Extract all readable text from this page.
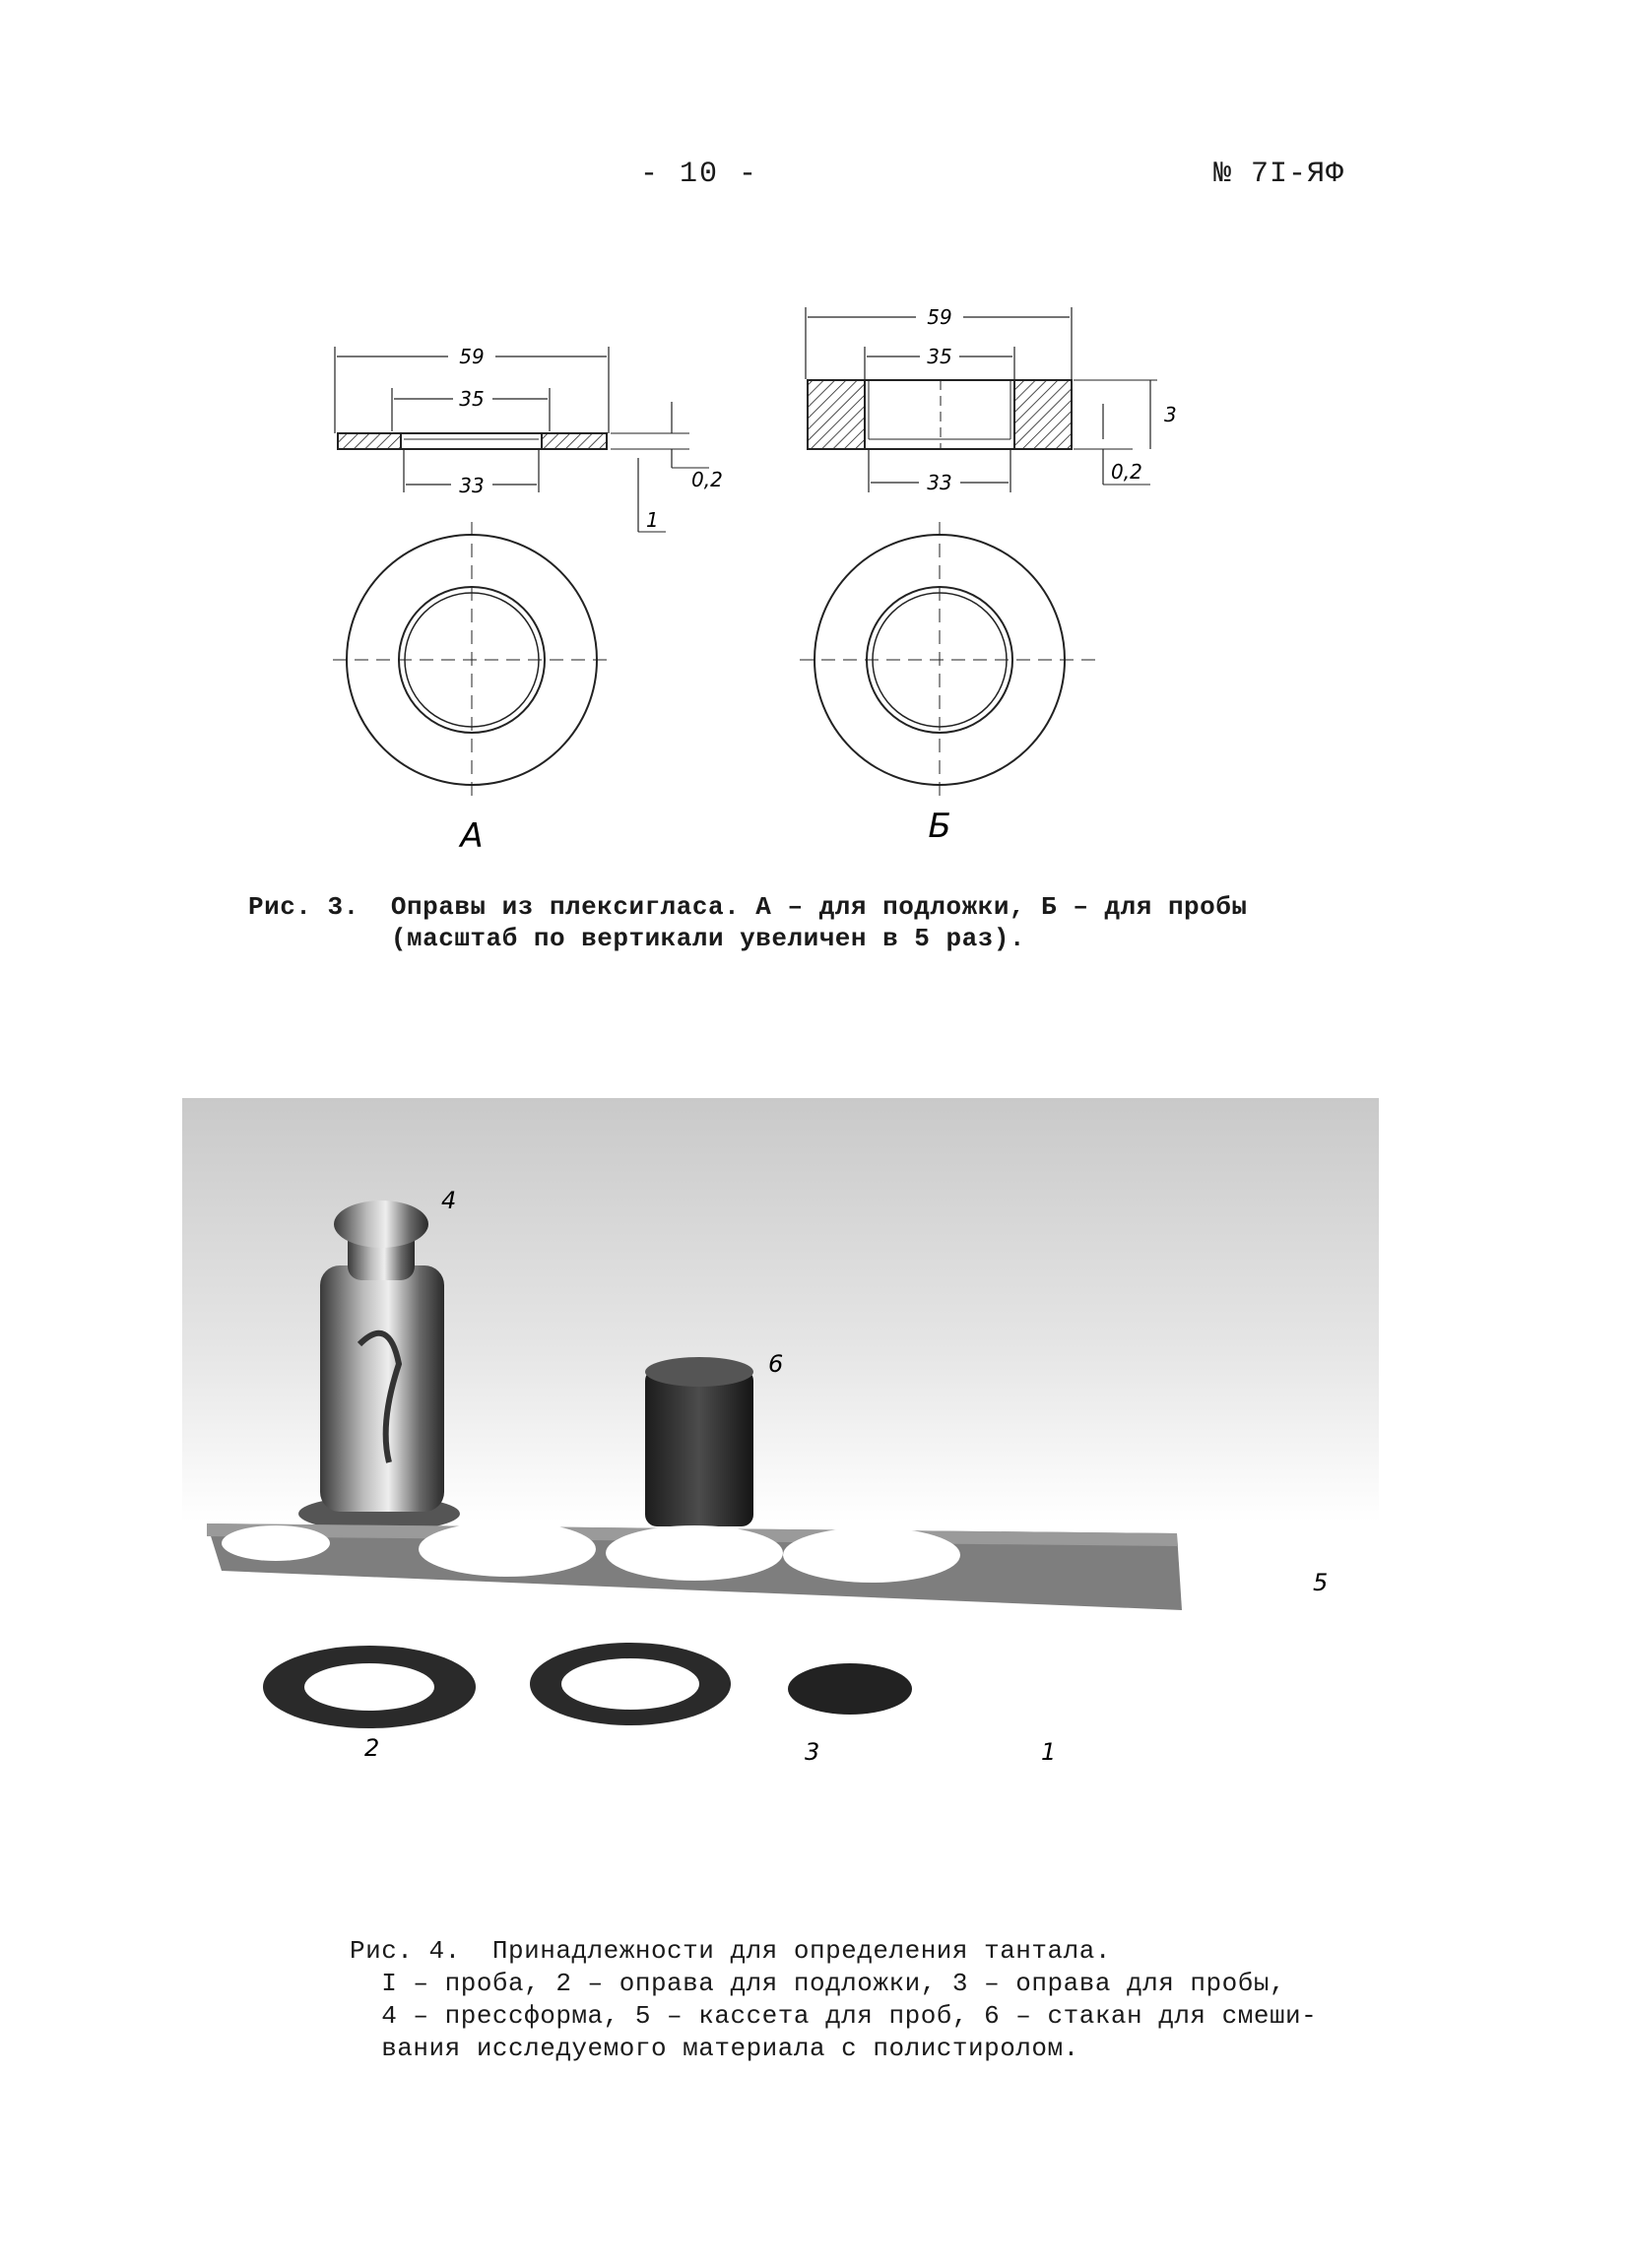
- 10 -	№ 7I-ЯФ
59
35
33	0,2
1
59
35
33	0,2
3
А	Б
Рис. 3.  Оправы из плексигласа. А – для подложки, Б – для пробы
(масштаб по вертикали увеличен в 5 раз).
4
6
5
2	3	1
Рис. 4.  Принадлежности для определения тантала.
I – проба, 2 – оправа для подложки, 3 – оправа для пробы,
4 – прессформа, 5 – кассета для проб, 6 – стакан для смеши-
вания исследуемого материала с полистиролом.
